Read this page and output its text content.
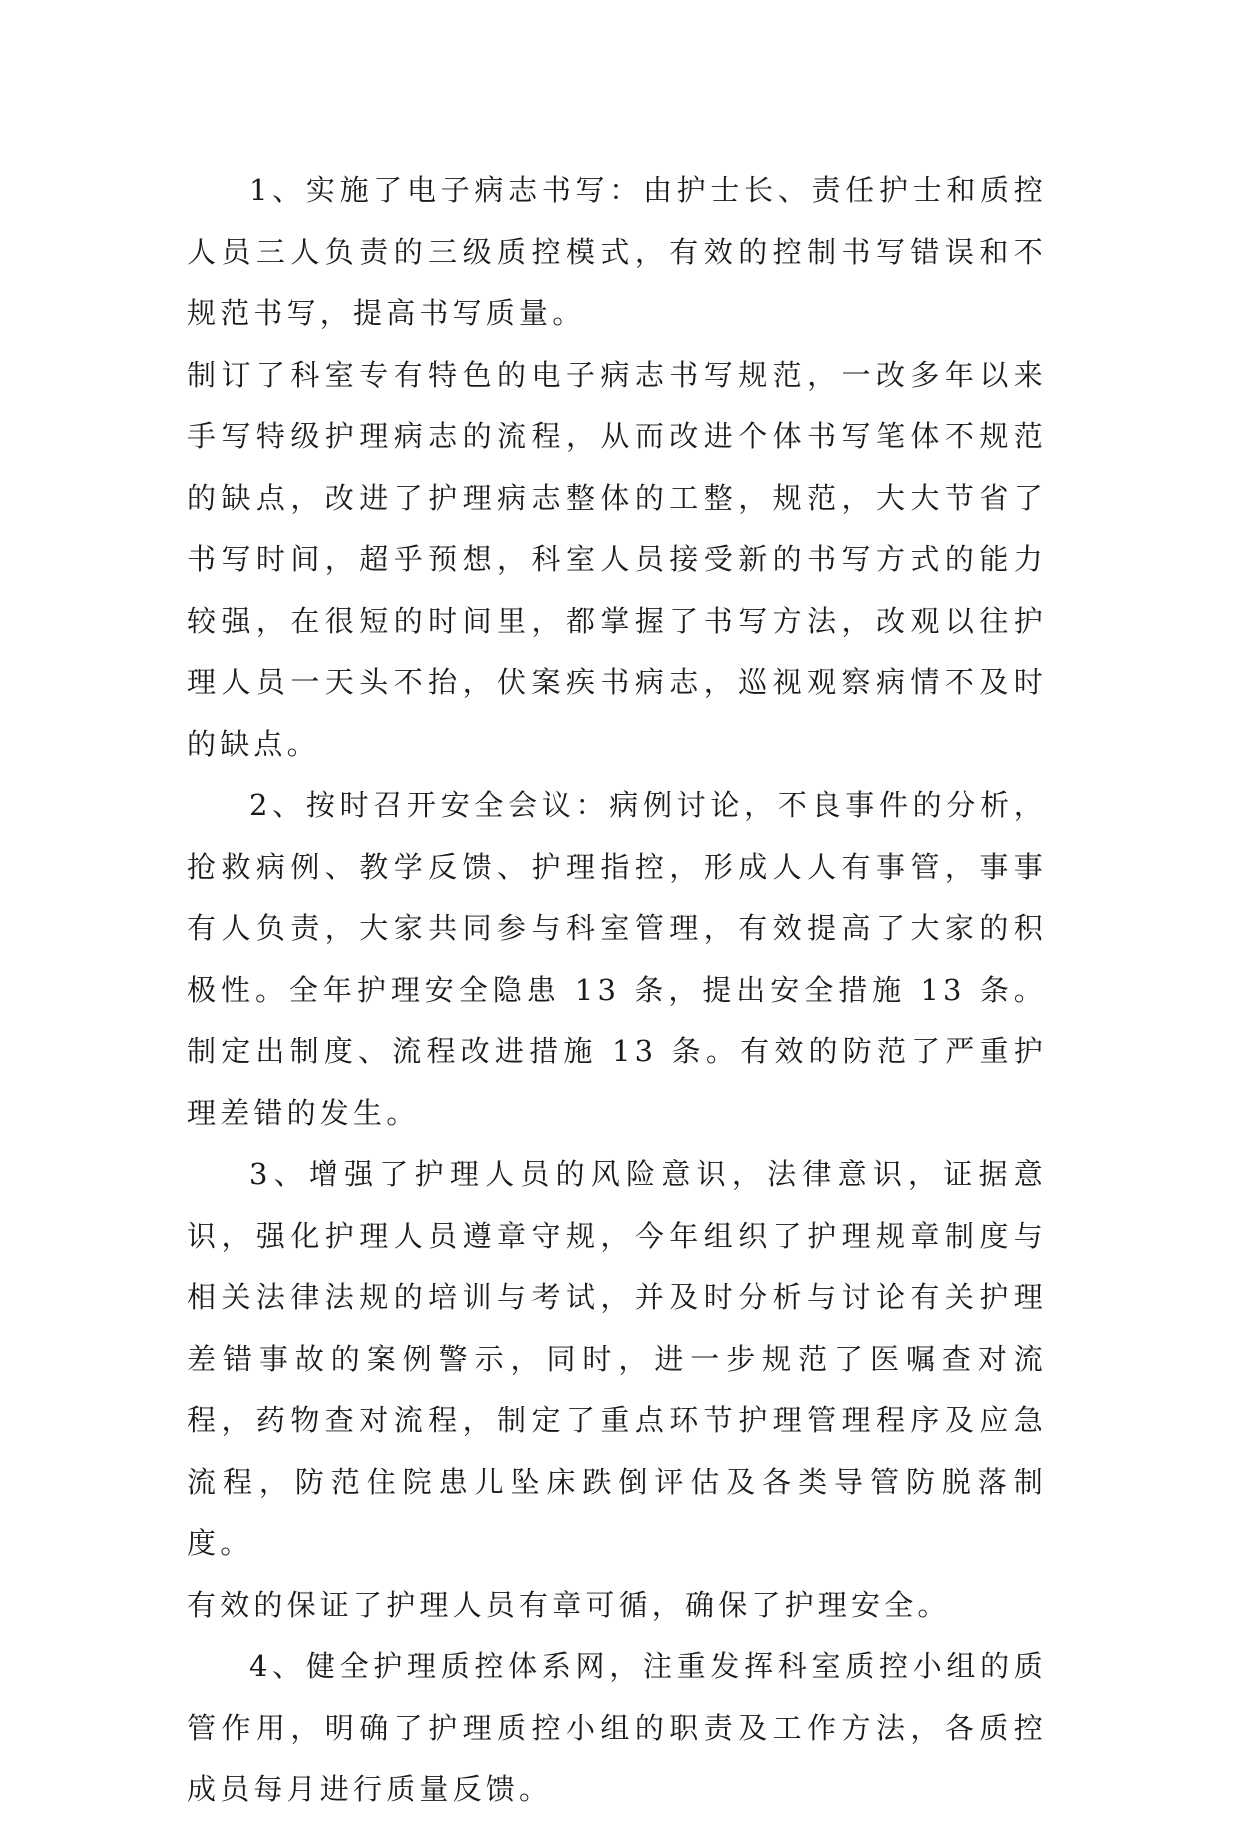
1、实施了电子病志书写：由护士长、责任护士和质控人员三人负责的三级质控模式，有效的控制书写错误和不规范书写，提高书写质量。

制订了科室专有特色的电子病志书写规范，一改多年以来手写特级护理病志的流程，从而改进个体书写笔体不规范的缺点，改进了护理病志整体的工整，规范，大大节省了书写时间，超乎预想，科室人员接受新的书写方式的能力较强，在很短的时间里，都掌握了书写方法，改观以往护理人员一天头不抬，伏案疾书病志，巡视观察病情不及时的缺点。

2、按时召开安全会议：病例讨论，不良事件的分析，抢救病例、教学反馈、护理指控，形成人人有事管，事事有人负责，大家共同参与科室管理，有效提高了大家的积极性。全年护理安全隐患 13 条，提出安全措施 13 条。制定出制度、流程改进措施 13 条。有效的防范了严重护理差错的发生。

3、增强了护理人员的风险意识，法律意识，证据意识，强化护理人员遵章守规，今年组织了护理规章制度与相关法律法规的培训与考试，并及时分析与讨论有关护理差错事故的案例警示，同时，进一步规范了医嘱查对流程，药物查对流程，制定了重点环节护理管理程序及应急流程，防范住院患儿坠床跌倒评估及各类导管防脱落制度。

有效的保证了护理人员有章可循，确保了护理安全。

4、健全护理质控体系网，注重发挥科室质控小组的质管作用，明确了护理质控小组的职责及工作方法，各质控成员每月进行质量反馈。
